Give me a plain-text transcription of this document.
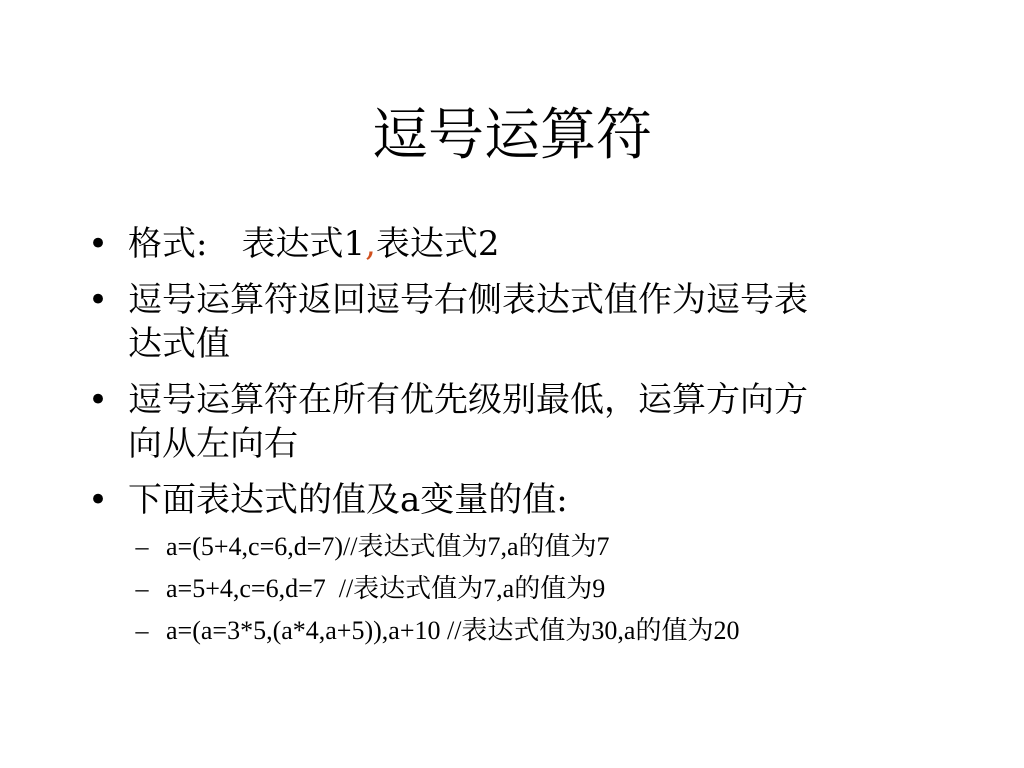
逗号运算符
• 格式:　 表达式1,表达式2
• 逗号运算符返回逗号右侧表达式值作为逗号表
达式值
• 逗号运算符在所有优先级别最低，运算方向方
向从左向右
• 下面表达式的值及a变量的值:
– a=(5+4,c=6,d=7)//表达式值为7,a的值为7
– a=5+4,c=6,d=7  //表达式值为7,a的值为9
– a=(a=3*5,(a*4,a+5)),a+10 //表达式值为30,a的值为20
